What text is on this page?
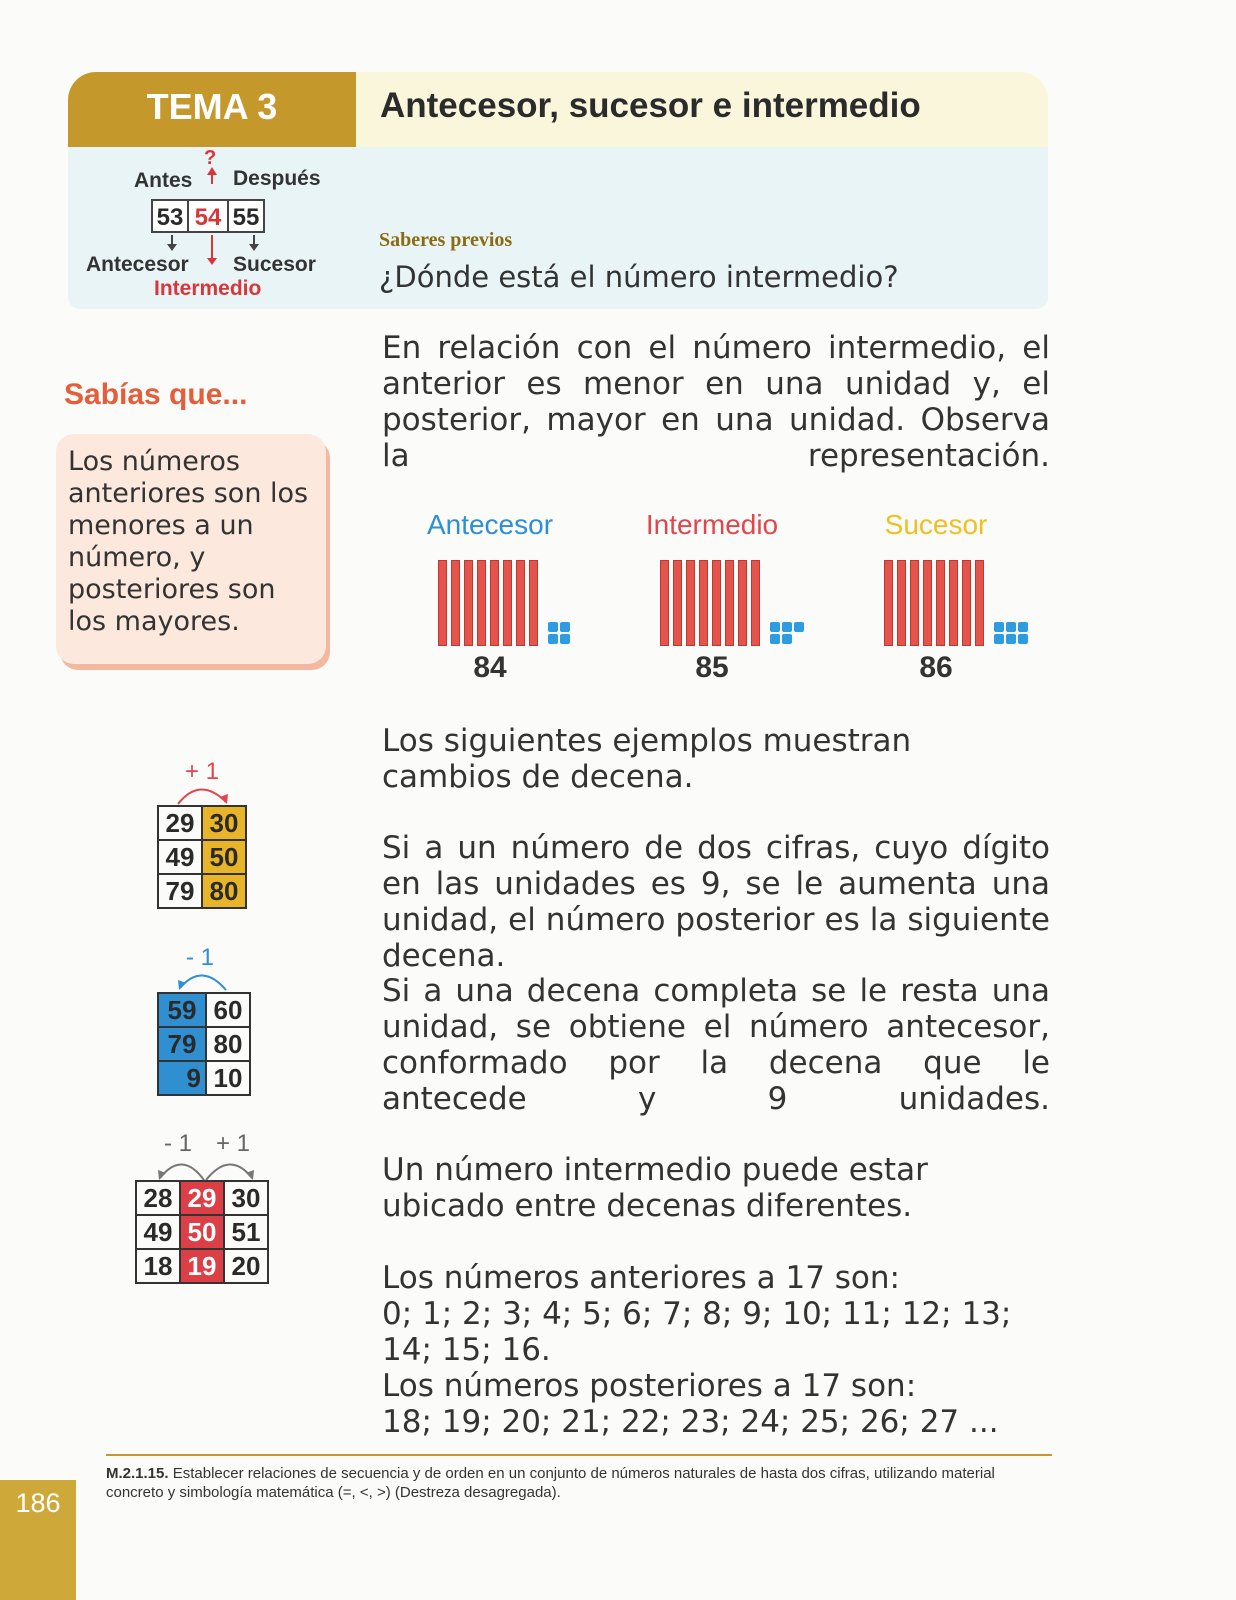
TEMA 3	Antecesor, sucesor e intermedio
?
Antes Después
53 54 55
Antecesor Sucesor
Intermedio
Saberes previos
¿Dónde está el número intermedio?
Sabías que...
Los números anteriores son los menores a un número, y posteriores son los mayores.
En relación con el número intermedio, el anterior es menor en una unidad y, el posterior, mayor en una unidad. Observa la representación.
Antecesor
84
Intermedio
85
Sucesor
86
Los siguientes ejemplos muestran cambios de decena.
Si a un número de dos cifras, cuyo dígito en las unidades es 9, se le aumenta una unidad, el número posterior es la siguiente decena.
Si a una decena completa se le resta una unidad, se obtiene el número antecesor, conformado por la decena que le antecede y 9 unidades.
Un número intermedio puede estar ubicado entre decenas diferentes.
Los números anteriores a 17 son:
0; 1; 2; 3; 4; 5; 6; 7; 8; 9; 10; 11; 12; 13; 14; 15; 16.
Los números posteriores a 17 son:
18; 19; 20; 21; 22; 23; 24; 25; 26; 27 ...
+ 1
29	30
49	50
79	80
- 1
59	60
79	80
9	10
- 1 + 1
28	29	30
49	50	51
18	19	20
M.2.1.15. Establecer relaciones de secuencia y de orden en un conjunto de números naturales de hasta dos cifras, utilizando material concreto y simbología matemática (=, <, >) (Destreza desagregada).
186
